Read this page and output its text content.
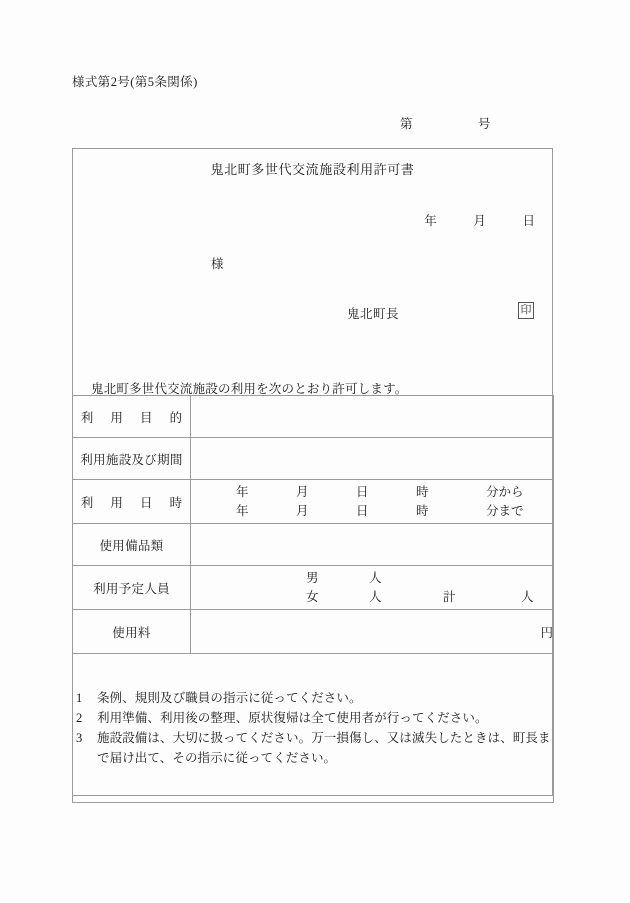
様式第2号(第5条関係)
第	号
鬼北町多世代交流施設利用許可書
年	月	日
様
鬼北町長	印
鬼北町多世代交流施設の利用を次のとおり許可します。
利 用 目 的	
利用施設及び期間	
利 用 日 時	年 月 日 時 分から
年 月 日 時 分まで

使用備品類	
利用予定人員	男 人
女 人 計 人

使用料	円

1	条例、規則及び職員の指示に従ってください。
2	利用準備、利用後の整理、原状復帰は全て使用者が行ってください。
3	施設設備は、大切に扱ってください。万一損傷し、又は滅失したときは、町長まで届け出て、その指示に従ってください。
